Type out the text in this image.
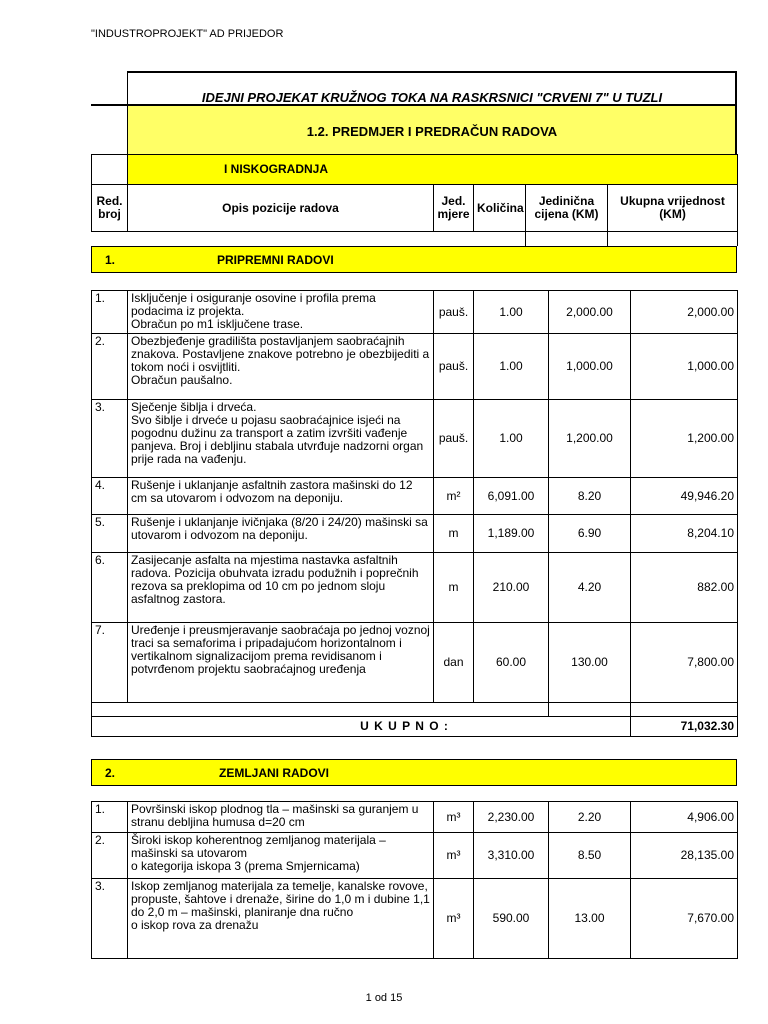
"INDUSTROPROJEKT" AD PRIJEDOR
IDEJNI PROJEKAT KRUŽNOG TOKA NA RASKRSNICI "CRVENI 7" U TUZLI
1.2. PREDMJER I PREDRAČUN RADOVA
	I NISKOGRADNJA				
Red. broj	Opis pozicije radova	Jed. mjere	Količina	Jedinična cijena (KM)	Ukupna vrijednost (KM)

1.	PRIPREMNI RADOVI
1.	Isključenje i osiguranje osovine i profila prema podacima iz projekta.
Obračun po m1 isključene trase.	pauš.	1.00	2,000.00	2,000.00
2.	Obezbjeđenje gradilišta postavljanjem saobraćajnih znakova. Postavljene znakove potrebno je obezbijediti a tokom noći i osvijtliti.
Obračun paušalno.	pauš.	1.00	1,000.00	1,000.00
3.	Sječenje šiblja i drveća.
Svo šiblje i drveće u pojasu saobraćajnice isjeći na pogodnu dužinu za transport a zatim izvršiti vađenje panjeva. Broj i debljinu stabala utvrđuje nadzorni organ prije rada na vađenju.	pauš.	1.00	1,200.00	1,200.00
4.	Rušenje i uklanjanje asfaltnih zastora mašinski do 12 cm sa utovarom i odvozom na deponiju.	m²	6,091.00	8.20	49,946.20
5.	Rušenje i uklanjanje ivičnjaka (8/20 i 24/20) mašinski sa utovarom i odvozom na deponiju.	m	1,189.00	6.90	8,204.10
6.	Zasijecanje asfalta na mjestima nastavka asfaltnih radova. Pozicija obuhvata izradu podužnih i poprečnih rezova sa preklopima od 10 cm po jednom sloju asfaltnog zastora.	m	210.00	4.20	882.00
7.	Uređenje i preusmjeravanje saobraćaja po jednoj voznoj traci sa semaforima i pripadajućom horizontalnom i vertikalnom signalizacijom prema revidisanom i potvrđenom projektu saobraćajnog uređenja	dan	60.00	130.00	7,800.00

U K U P N O :					71,032.30
2.	ZEMLJANI RADOVI
1.	Površinski iskop plodnog tla – mašinski sa guranjem u stranu debljina humusa d=20 cm	m³	2,230.00	2.20	4,906.00
2.	Široki iskop koherentnog zemljanog materijala – mašinski sa utovarom
o kategorija iskopa 3 (prema Smjernicama)	m³	3,310.00	8.50	28,135.00
3.	Iskop zemljanog materijala za temelje, kanalske rovove, propuste, šahtove i drenaže, širine do 1,0 m i dubine 1,1 do 2,0 m – mašinski, planiranje dna ručno
o iskop rova za drenažu	m³	590.00	13.00	7,670.00
1 od 15
